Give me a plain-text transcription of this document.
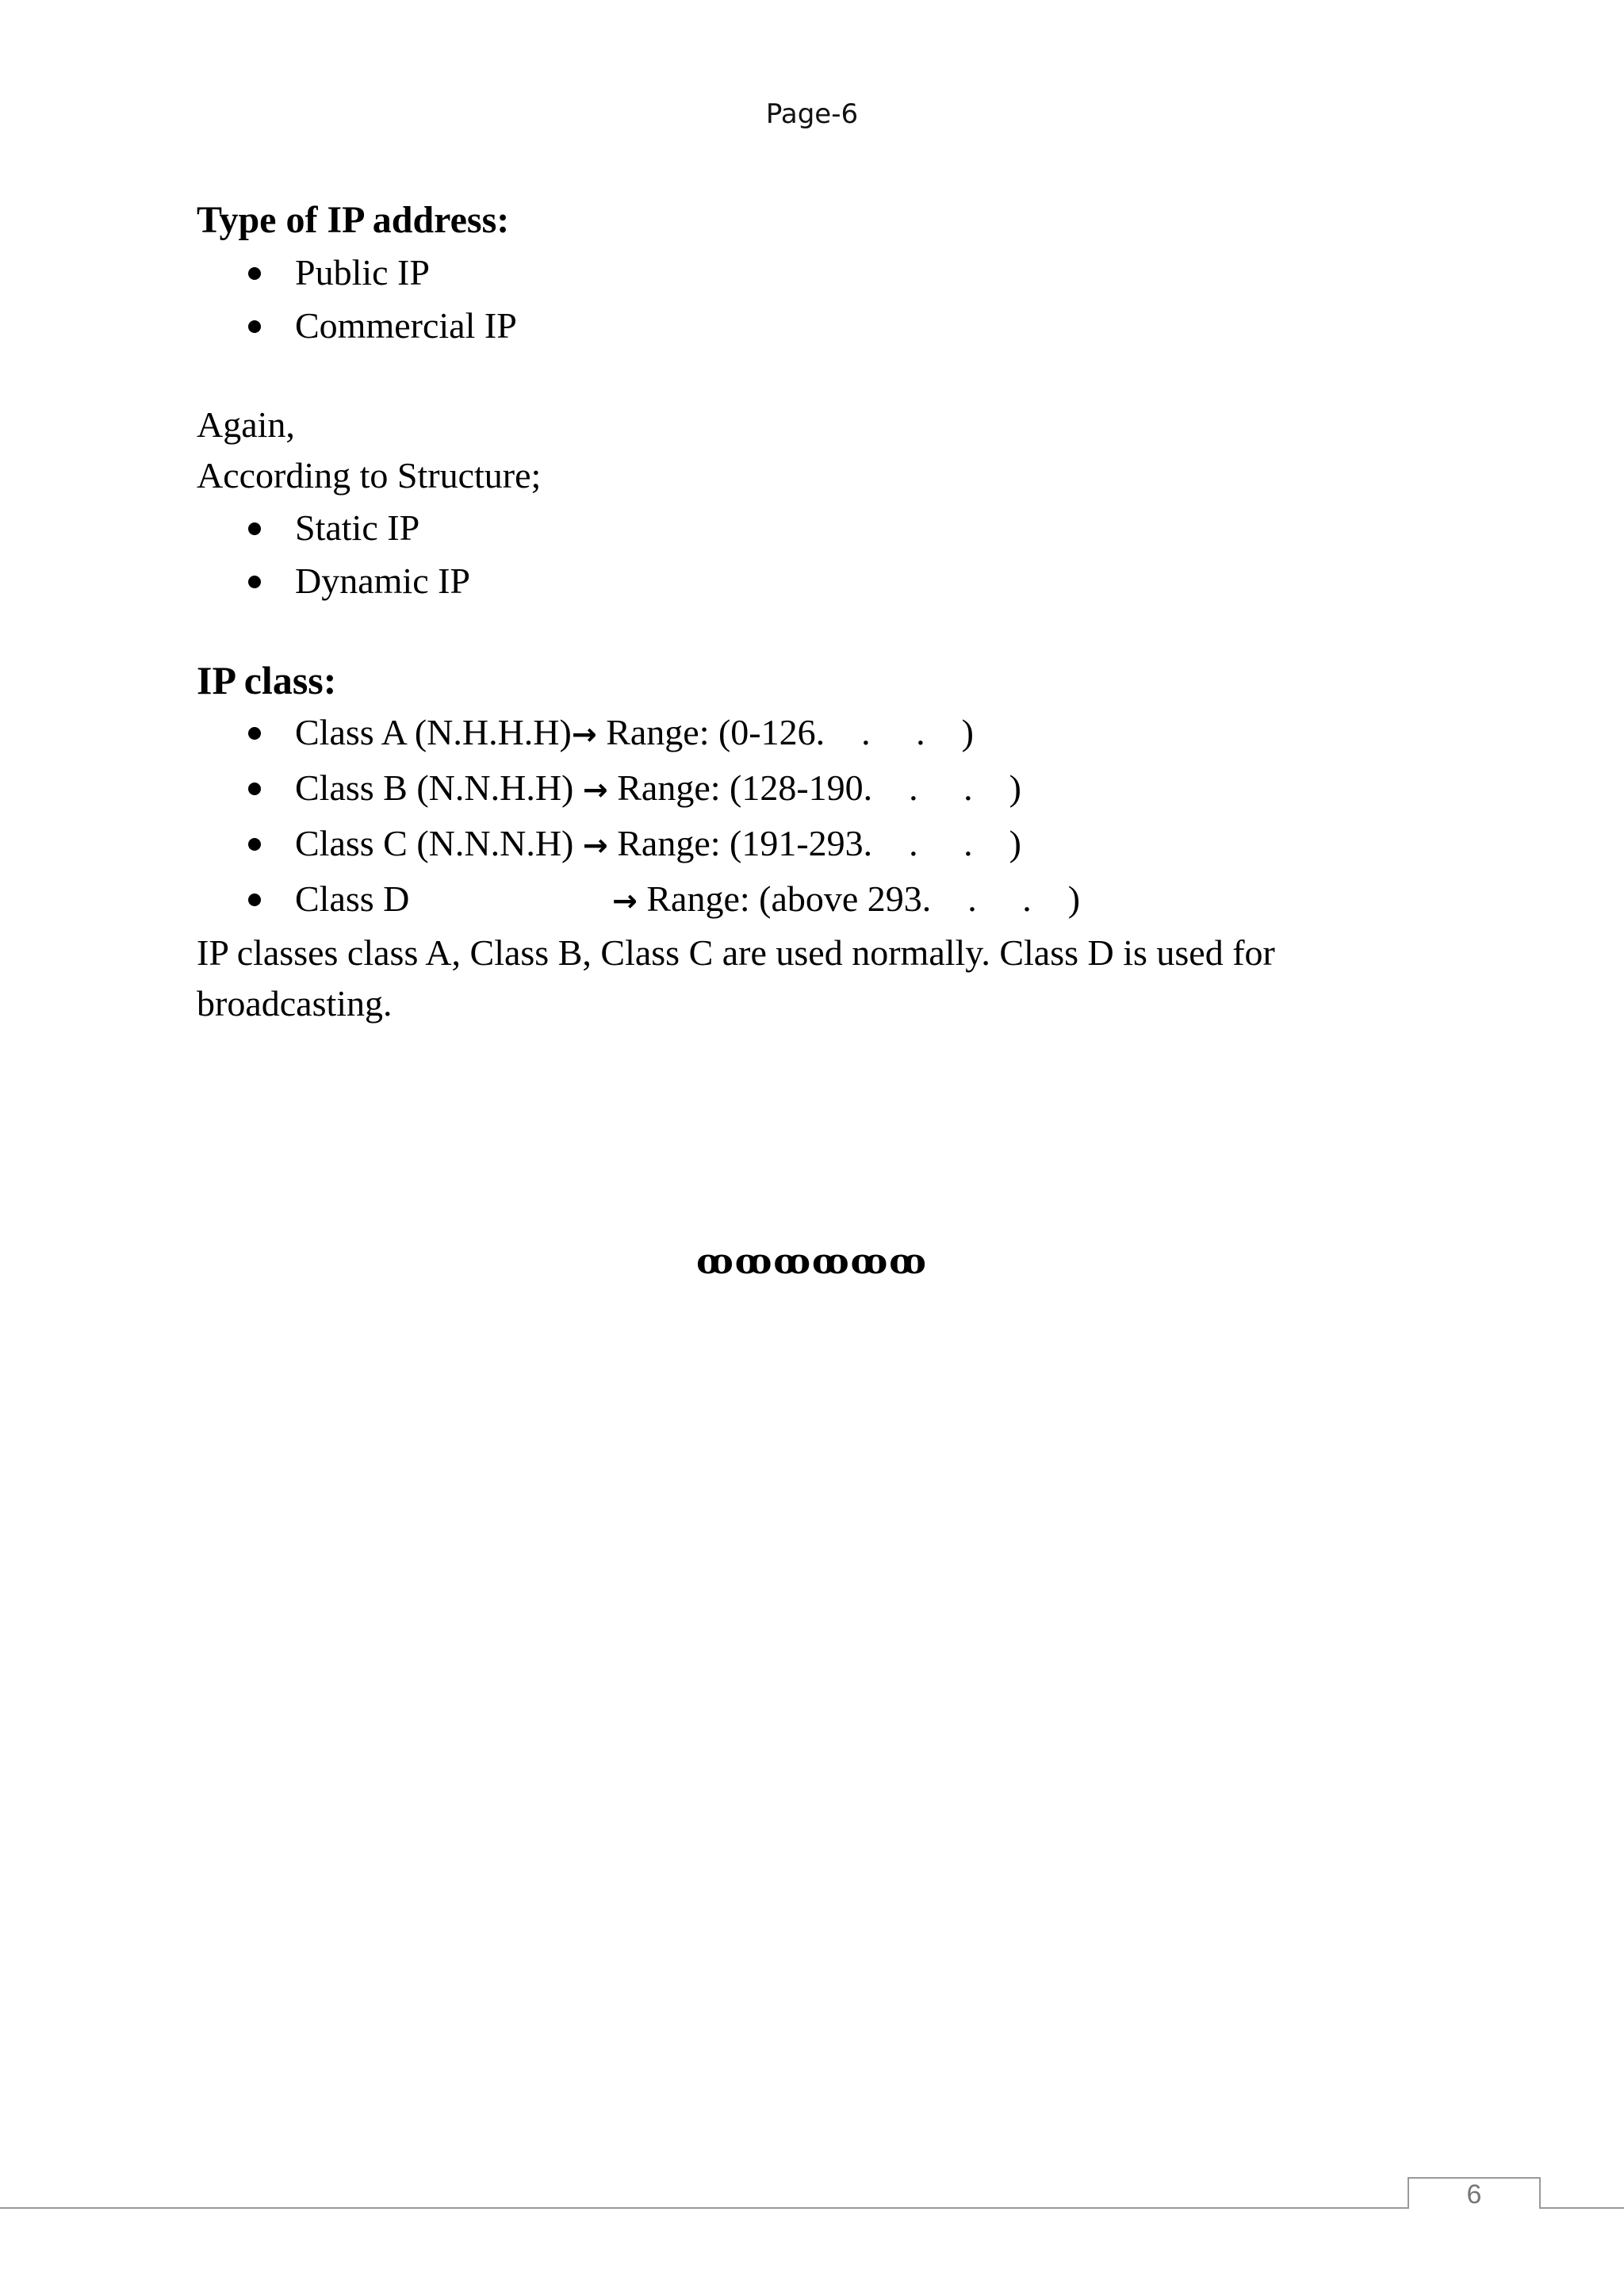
Page-6

Type of IP address:

Public IP
Commercial IP

Again,

According to Structure;

Static IP
Dynamic IP

IP class:

Class A (N.H.H.H)→ Range: (0-126.    .     .    )
Class B (N.N.H.H) → Range: (128-190.    .     .    )
Class C (N.N.N.H) → Range: (191-293.    .     .    )
Class D	→ Range: (above 293.    .     .    )

IP classes class A, Class B, Class C are used normally. Class D is used for broadcasting.

ꝏꝏꝏꝏꝏꝏ
6
